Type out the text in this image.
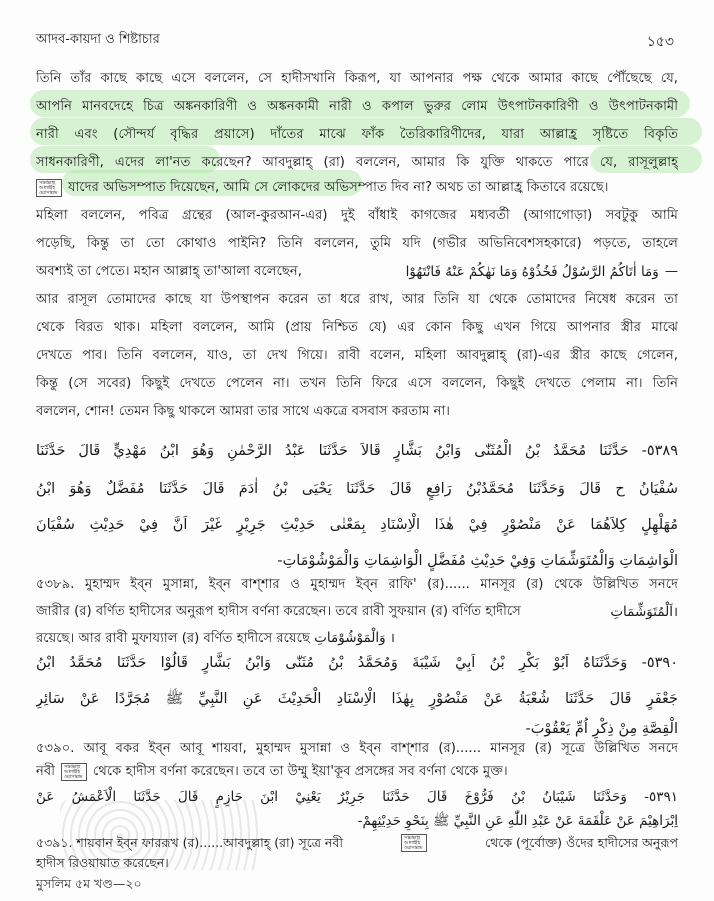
আদব-কায়দা ও শিষ্টাচার	১৫৩
তিনি তাঁর কাছে কাছে এসে বললেন, সে হাদীসখানি কিরূপ, যা আপনার পক্ষ থেকে আমার কাছে পৌঁছেছে যে,
আপনি মানবদেহে চিত্র অঙ্কনকারিণী ও অঙ্কনকামী নারী ও কপাল ভুরুর লোম উৎপাটনকারিণী ও উৎপাটনকামী
নারী এবং (সৌন্দর্য বৃদ্ধির প্রয়াসে) দাঁতের মাঝে ফাঁক তৈরিকারিণীদের, যারা আল্লাহ্র সৃষ্টিতে বিকৃতি
সাধনকারিণী, এদের লা'নত করেছেন? আবদুল্লাহ্ (রা) বললেন, আমার কি যুক্তি থাকতে পারে যে, রাসূলুল্লাহ্
সাল্লাল্লাহু আলাইহি ওয়াসাল্লাম যাদের অভিসম্পাত দিয়েছেন, আমি সে লোকদের অভিসম্পাত দিব না? অথচ তা আল্লাহ্র কিতাবে রয়েছে।
মহিলা বললেন, পবিত্র গ্রন্থের (আল-কুরআন-এর) দুই বাঁধাই কাগজের মধ্যবর্তী (আগাগোড়া) সবটুকু আমি
পড়েছি, কিন্তু তা তো কোথাও পাইনি? তিনি বললেন, তুমি যদি (গভীর অভিনিবেশসহকারে) পড়তে, তাহলে
অবশ্যই তা পেতে। মহান আল্লাহ্ তা'আলা বলেছেন,	وَمَا اٰتَاكُمُ الرَّسُوْلُ فَخُذُوْهُ وَمَا نَهٰكُمْ عَنْهُ فَانْتَهُوْا —
আর রাসূল তোমাদের কাছে যা উপস্থাপন করেন তা ধরে রাখ, আর তিনি যা থেকে তোমাদের নিষেধ করেন তা
থেকে বিরত থাক। মহিলা বললেন, আমি (প্রায় নিশ্চিত যে) এর কোন কিছু এখন গিয়ে আপনার স্ত্রীর মাঝে
দেখতে পাব। তিনি বললেন, যাও, তা দেখ গিয়ে। রাবী বলেন, মহিলা আবদুল্লাহ্ (রা)-এর স্ত্রীর কাছে গেলেন,
কিন্তু (সে সবের) কিছুই দেখতে পেলেন না। তখন তিনি ফিরে এসে বললেন, কিছুই দেখতে পেলাম না। তিনি
বললেন, শোন! তেমন কিছু থাকলে আমরা তার সাথে একত্রে বসবাস করতাম না।
٥٣٨٩- حَدَّثَنَا مُحَمَّدُ بْنُ الْمُثَنّٰى وَابْنُ بَشَّارٍ قَالاَ حَدَّثَنَا عَبْدُ الرَّحْمٰنِ وَهُوَ ابْنُ مَهْدِيٍّ قَالَ حَدَّثَنَا
سُفْيَانُ ح قَالَ وَحَدَّثَنَا مُحَمَّدُبْنُ رَافِعٍ قَالَ حَدَّثَنَا يَحْيَى بْنُ اٰدَمَ قَالَ حَدَّثَنَا مُفَضَّلٌ وَهُوَ ابْنُ
مُهَلْهِلٍ كِلاَهُمَا عَنْ مَنْصُوْرٍ فِيْ هٰذَا الْاِسْنَادِ بِمَعْنٰى حَدِيْثِ جَرِيْرٍ غَيْرَ اَنَّ فِيْ حَدِيْثِ سُفْيَانَ
الْوَاشِمَاتِ وَالْمُتَوَشِّمَاتِ وَفِيْ حَدِيْثِ مُفَضَّلٍ الْوَاشِمَاتِ وَالْمَوْشُوْمَاتِ-
৫৩৮৯. মুহাম্মদ ইব্ন মুসান্না, ইব্ন বাশ্শার ও মুহাম্মদ ইব্ন রাফি' (র)...... মানসূর (র) থেকে উল্লিখিত সনদে
জারীর (র) বর্ণিত হাদীসের অনুরূপ হাদীস বর্ণনা করেছেন। তবে রাবী সুফয়ান (র) বর্ণিত হাদীসে	اَلْمُتَوَشِّمَاتِ।
রয়েছে। আর রাবী মুফায্যাল (র) বর্ণিত হাদীসে রয়েছে وَالْمَوْشُوْمَاتِ ।
٥٣٩٠- وَحَدَّثَنَاهُ اَبُوْ بَكْرِ بْنُ اَبِيْ شَيْبَةَ وَمُحَمَّدُ بْنُ مُثَنّٰى وَابْنُ بَشَّارٍ قَالُوْا حَدَّثَنَا مُحَمَّدُ ابْنُ
جَعْفَرٍ قَالَ حَدَّثَنَا شُعْبَةُ عَنْ مَنْصُوْرٍ بِهٰذَا الْاِسْنَادِ الْحَدِيْثَ عَنِ النَّبِيِّ ﷺ مُجَرَّدًا عَنْ سَائِرِ
الْقِصَّةِ مِنْ ذِكْرِ اُمِّ يَعْقُوْبَ-
৫৩৯০. আবূ বকর ইব্ন আবূ শায়বা, মুহাম্মদ মুসান্না ও ইব্ন বাশ্শার (র)...... মানসূর (র) সূত্রে উল্লিখিত সনদে
নবী	সাল্লাল্লাহু আলাইহি ওয়াসাল্লাম থেকে হাদীস বর্ণনা করেছেন। তবে তা উম্মু ইয়া'কূব প্রসঙ্গের সব বর্ণনা থেকে মুক্ত।
٥٣٩١- وَحَدَّثَنَا شَيْبَانُ بْنُ فَرُّوْخَ قَالَ حَدَّثَنَا جَرِيْرٌ يَعْنِيْ ابْنَ حَازِمٍ قَالَ حَدَّثَنَا الْاَعْمَشُ عَنْ
اِبْرَاهِيْمَ عَنْ عَلْقَمَةَ عَنْ عَبْدِ اللّٰهِ عَنِ النَّبِيِّ ﷺ بِنَحْوِ حَدِيْثِهِمْ-
৫৩৯১. শায়বান ইব্ন ফাররূখ (র)......আবদুল্লাহ্ (রা) সূত্রে নবী	সাল্লাল্লাহু আলাইহি ওয়াসাল্লাম	থেকে (পূর্বোক্ত) ওঁদের হাদীসের অনুরূপ
হাদীস রিওয়ায়াত করেছেন।
মুসলিম ৫ম খণ্ড—২০
